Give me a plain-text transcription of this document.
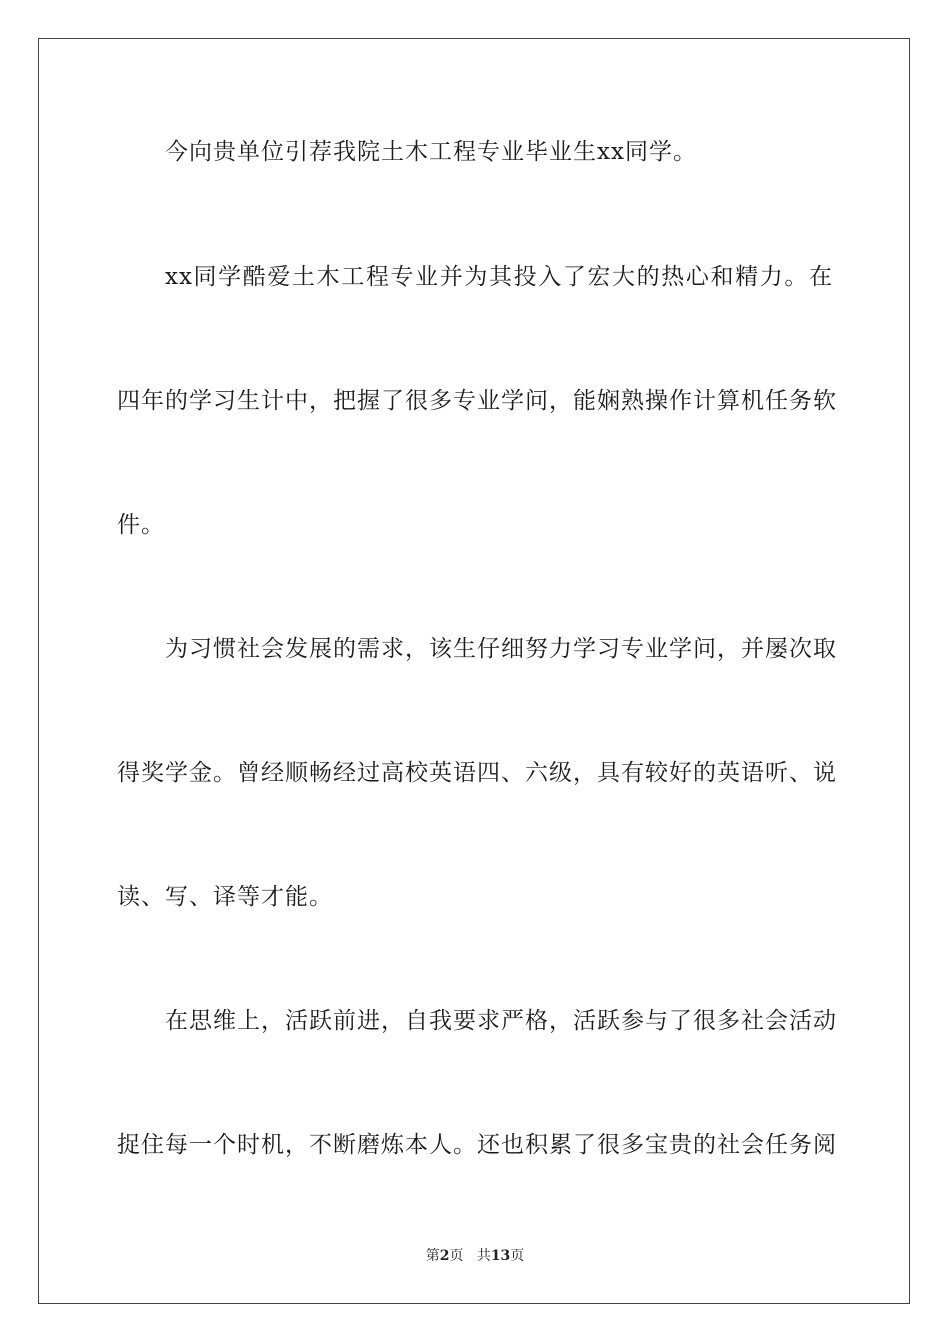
今向贵单位引荐我院土木工程专业毕业生xx同学。
xx同学酷爱土木工程专业并为其投入了宏大的热心和精力。在
四年的学习生计中，把握了很多专业学问，能娴熟操作计算机任务软
件。
为习惯社会发展的需求，该生仔细努力学习专业学问，并屡次取
得奖学金。曾经顺畅经过高校英语四、六级，具有较好的英语听、说
读、写、译等才能。
在思维上，活跃前进，自我要求严格，活跃参与了很多社会活动
捉住每一个时机，不断磨炼本人。还也积累了很多宝贵的社会任务阅
第2页 共13页
